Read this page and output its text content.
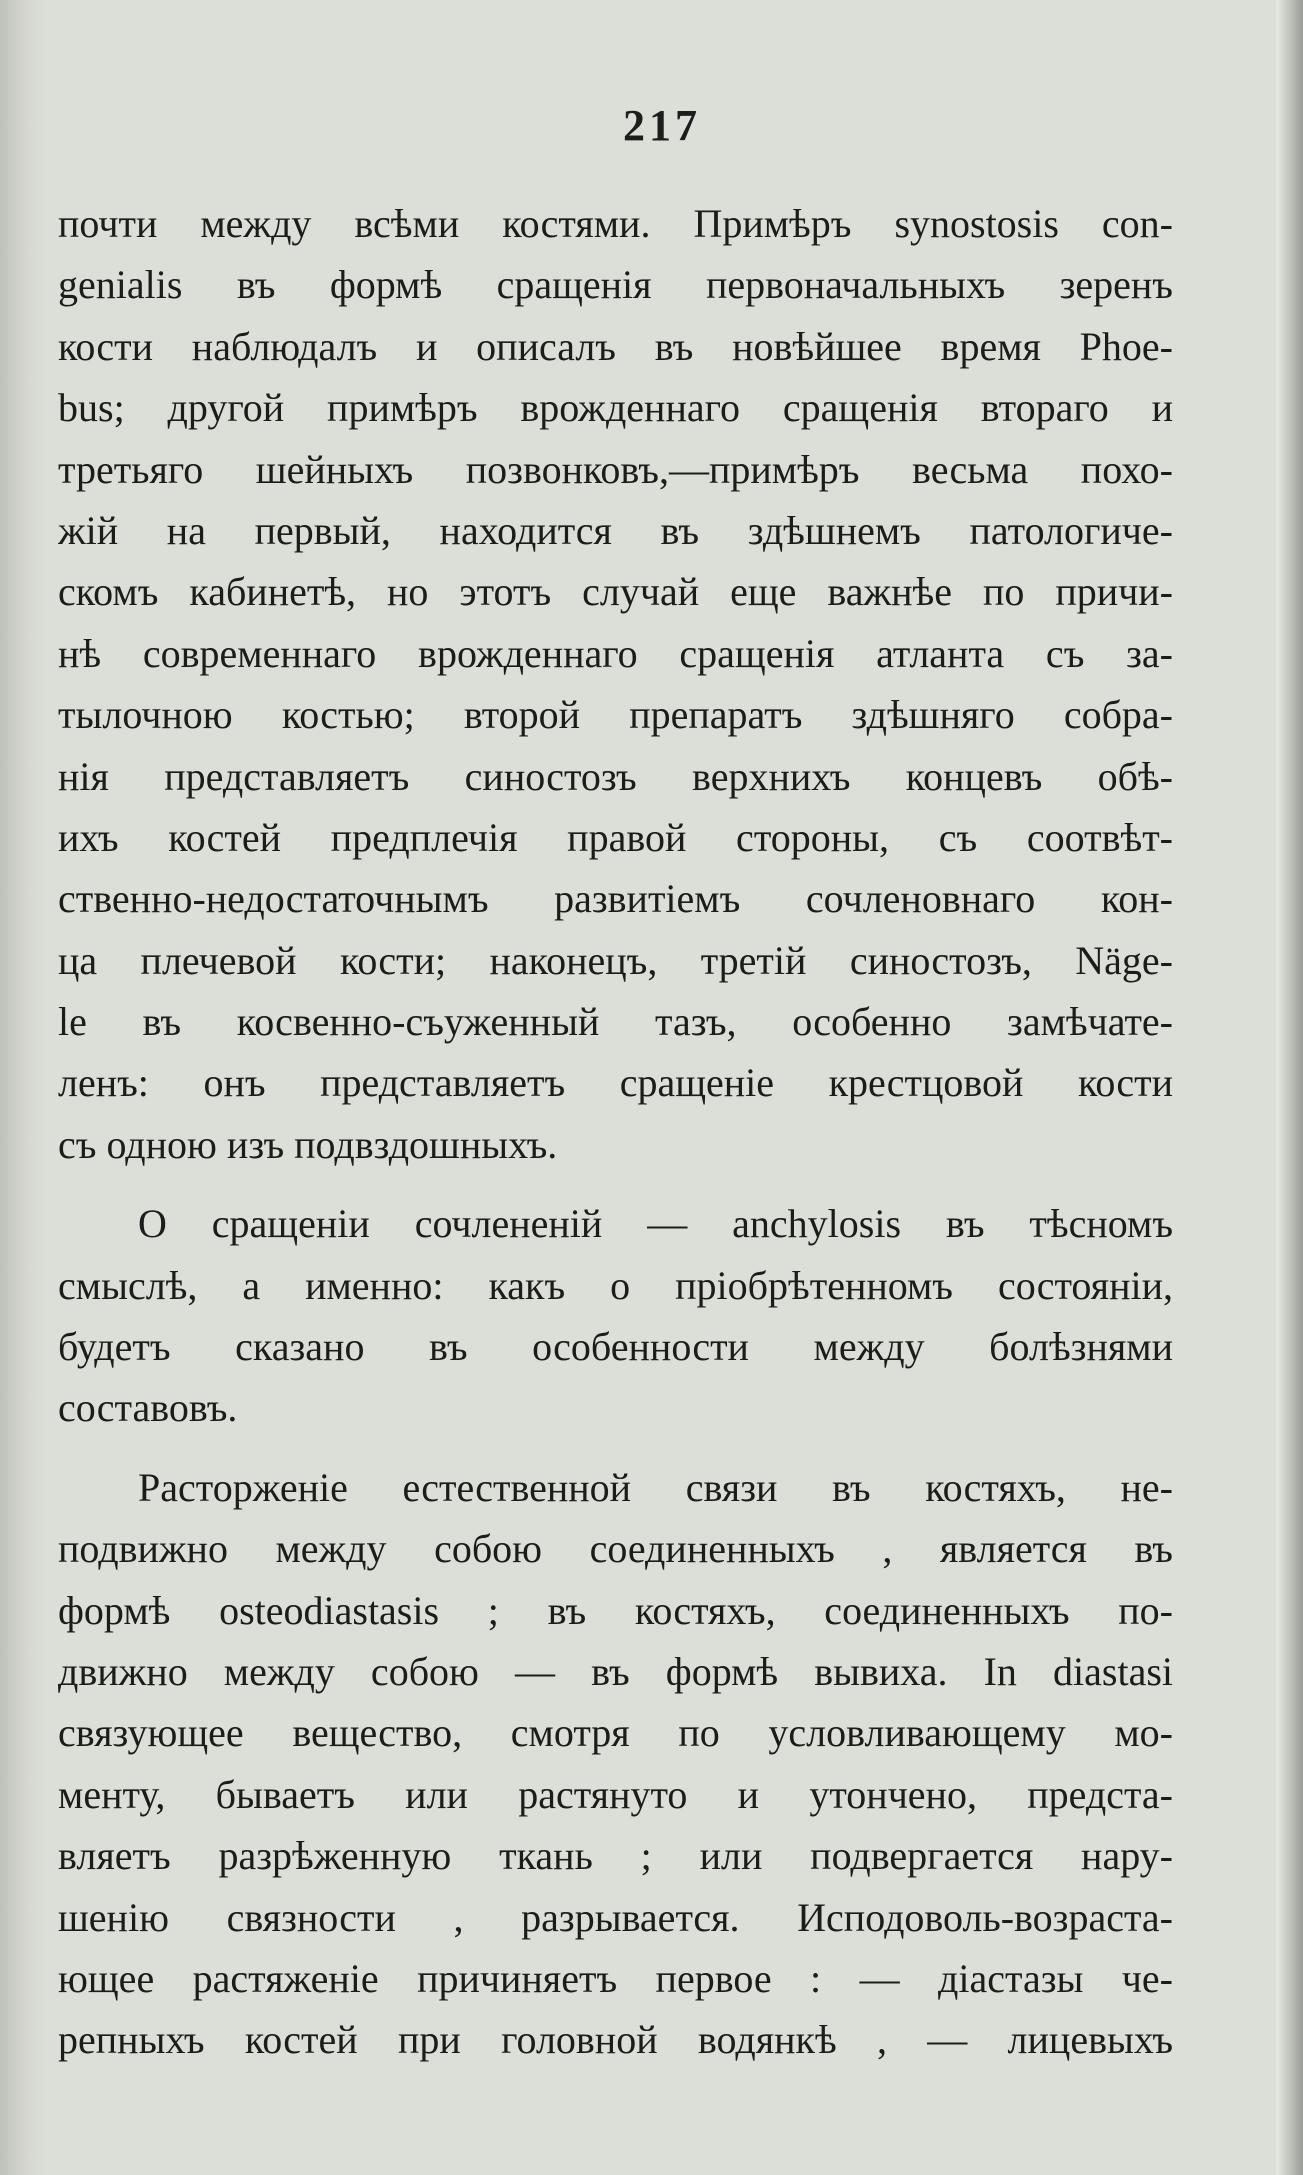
217
почти между всѣми костями. Примѣръ synostosis con-
genialis въ формѣ сращенія первоначальныхъ зеренъ
кости наблюдалъ и описалъ въ новѣйшее время Phoe-
bus; другой примѣръ врожденнаго сращенія втораго и
третьяго шейныхъ позвонковъ,—примѣръ весьма похо-
жій на первый, находится въ здѣшнемъ патологиче-
скомъ кабинетѣ, но этотъ случай еще важнѣе по причи-
нѣ современнаго врожденнаго сращенія атланта съ за-
тылочною костью; второй препаратъ здѣшняго собра-
нія представляетъ синостозъ верхнихъ концевъ обѣ-
ихъ костей предплечія правой стороны, съ соотвѣт-
ственно-недостаточнымъ развитіемъ сочленовнаго кон-
ца плечевой кости; наконецъ, третій синостозъ, Näge-
le въ косвенно-съуженный тазъ, особенно замѣчате-
ленъ: онъ представляетъ сращеніе крестцовой кости
съ одною изъ подвздошныхъ.
О сращеніи сочлененій — anchylosis въ тѣсномъ
смыслѣ, а именно: какъ о пріобрѣтенномъ состояніи,
будетъ сказано въ особенности между болѣзнями
составовъ.
Расторженіе естественной связи въ костяхъ, не-
подвижно между собою соединенныхъ , является въ
формѣ osteodiastasis ; въ костяхъ, соединенныхъ по-
движно между собою — въ формѣ вывиха. In diastasi
связующее вещество, смотря по условливающему мо-
менту, бываетъ или растянуто и утончено, предста-
вляетъ разрѣженную ткань ; или подвергается нару-
шенію связности , разрывается. Исподоволь-возраста-
ющее растяженіе причиняетъ первое : — діастазы че-
репныхъ костей при головной водянкѣ , — лицевыхъ
